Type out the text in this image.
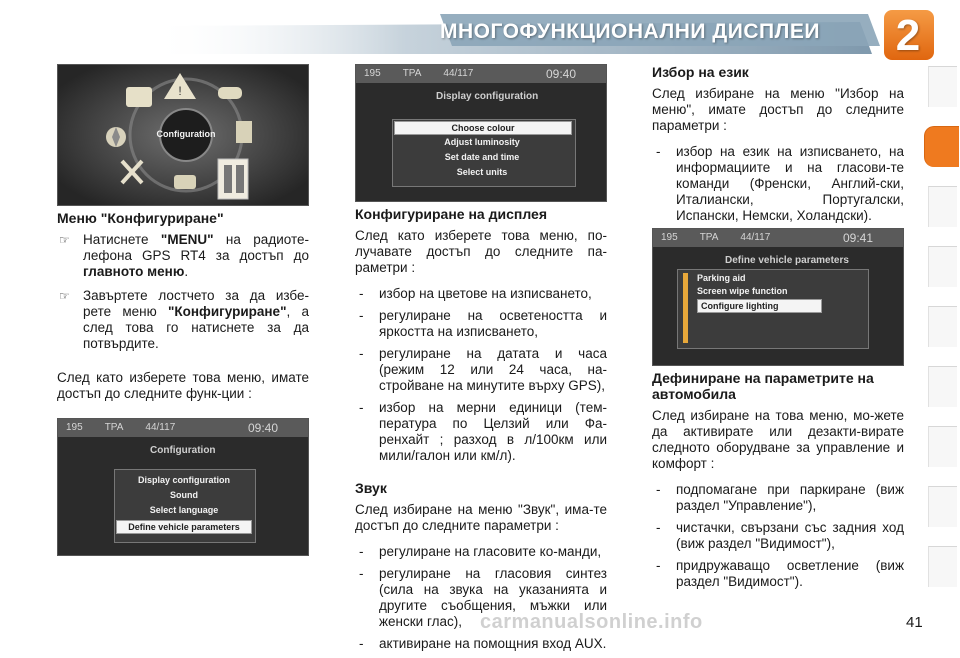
МНОГОФУНКЦИОНАЛНИ ДИСПЛЕИ	2
!
Configuration
195 TPA 44/117	09:40
Display configuration
Choose colour
Adjust luminosity
Set date and time
Select units
195 TPA 44/117	09:40
Configuration
Display configuration
Sound
Select language
Define vehicle parameters
195 TPA 44/117	09:41
Define vehicle parameters
Parking aid
Screen wipe function
Configure lighting
Меню "Конфигуриране"
☞ Натиснете "MENU" на радиоте-лефона GPS RT4 за достъп до главното меню.
☞ Завъртете лостчето за да избе-рете меню "Конфигуриране", а след това го натиснете за да потвърдите.
След като изберете това меню, имате достъп до следните функ-ции :
Конфигуриране на дисплея
След като изберете това меню, по-лучавате достъп до следните па-раметри :
- избор на цветове на изписването,
- регулиране на осветеността и яркостта на изписването,
- регулиране на датата и часа (режим 12 или 24 часа, на-стройване на минутите върху GPS),
- избор на мерни единици (тем-пература по Целзий или Фа-ренхайт ; разход в л/100км или мили/галон или км/л).
Звук
След избиране на меню "Звук", има-те достъп до следните параметри :
- регулиране на гласовите ко-манди,
- регулиране на гласовия синтез (сила на звука на указанията и другите съобщения, мъжки или женски глас),
- активиране на помощния вход AUX.
Избор на език
След избиране на меню "Избор на меню", имате достъп до следните параметри :
- избор на език на изписването, на информациите и на гласови-те команди (Френски, Англий-ски, Италиански, Португалски, Испански, Немски, Холандски).
Дефиниране на параметрите на автомобила
След избиране на това меню, мо-жете да активирате или дезакти-вирате следното оборудване за управление и комфорт :
- подпомагане при паркиране (виж раздел "Управление"),
- чистачки, свързани със задния ход (виж раздел "Видимост"),
- придружаващо осветление (виж раздел "Видимост").
carmanualsonline.info	41
